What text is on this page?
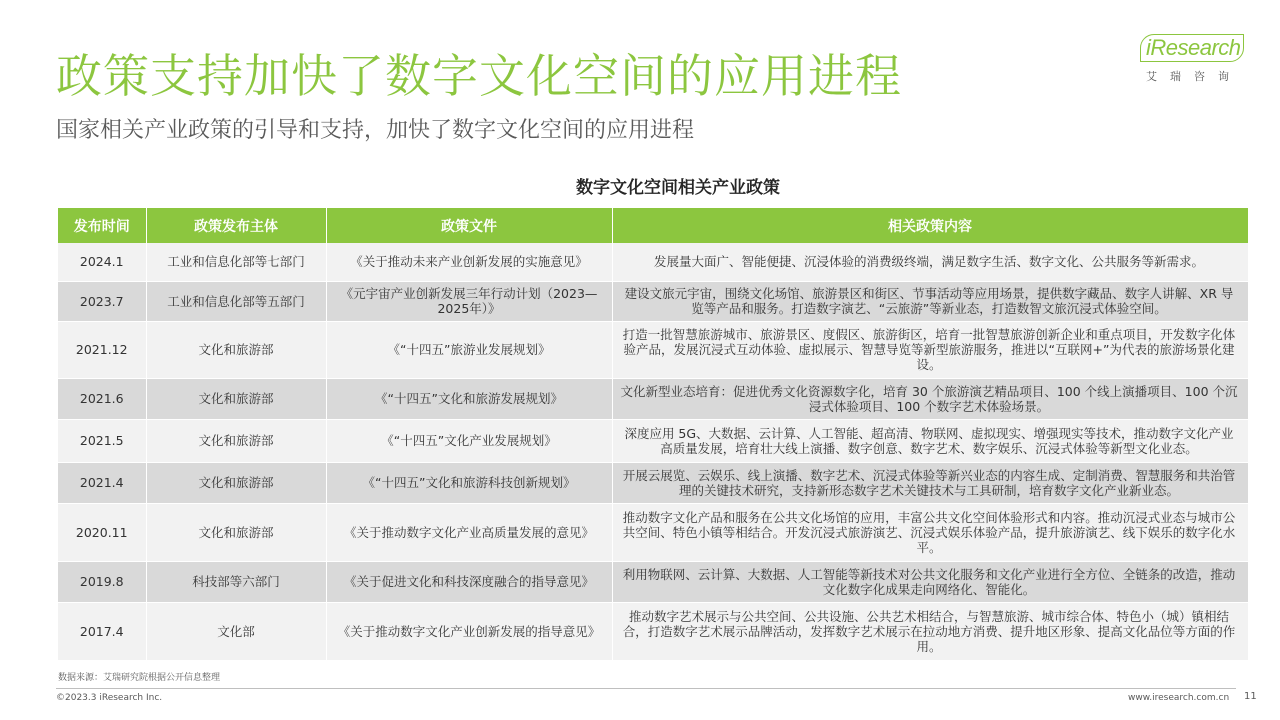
政策支持加快了数字文化空间的应用进程
国家相关产业政策的引导和支持，加快了数字文化空间的应用进程
iResearch
艾瑞咨询
数字文化空间相关产业政策
发布时间	政策发布主体	政策文件	相关政策内容
2024.1	工业和信息化部等七部门	《关于推动未来产业创新发展的实施意见》	发展量大面广、智能便捷、沉浸体验的消费级终端，满足数字生活、数字文化、公共服务等新需求。
2023.7	工业和信息化部等五部门	《元宇宙产业创新发展三年行动计划（2023—2025年）》	建设文旅元宇宙，围绕文化场馆、旅游景区和街区、节事活动等应用场景，提供数字藏品、数字人讲解、XR 导览等产品和服务。打造数字演艺、“云旅游”等新业态，打造数智文旅沉浸式体验空间。
2021.12	文化和旅游部	《“十四五”旅游业发展规划》	打造一批智慧旅游城市、旅游景区、度假区、旅游街区，培育一批智慧旅游创新企业和重点项目，开发数字化体验产品，发展沉浸式互动体验、虚拟展示、智慧导览等新型旅游服务，推进以“互联网+”为代表的旅游场景化建设。
2021.6	文化和旅游部	《“十四五”文化和旅游发展规划》	文化新型业态培育：促进优秀文化资源数字化，培育 30 个旅游演艺精品项目、100 个线上演播项目、100 个沉浸式体验项目、100 个数字艺术体验场景。
2021.5	文化和旅游部	《“十四五”文化产业发展规划》	深度应用 5G、大数据、云计算、人工智能、超高清、物联网、虚拟现实、增强现实等技术，推动数字文化产业高质量发展，培育壮大线上演播、数字创意、数字艺术、数字娱乐、沉浸式体验等新型文化业态。
2021.4	文化和旅游部	《“十四五”文化和旅游科技创新规划》	开展云展览、云娱乐、线上演播、数字艺术、沉浸式体验等新兴业态的内容生成、定制消费、智慧服务和共治管理的关键技术研究，支持新形态数字艺术关键技术与工具研制，培育数字文化产业新业态。
2020.11	文化和旅游部	《关于推动数字文化产业高质量发展的意见》	推动数字文化产品和服务在公共文化场馆的应用，丰富公共文化空间体验形式和内容。推动沉浸式业态与城市公共空间、特色小镇等相结合。开发沉浸式旅游演艺、沉浸式娱乐体验产品，提升旅游演艺、线下娱乐的数字化水平。
2019.8	科技部等六部门	《关于促进文化和科技深度融合的指导意见》	利用物联网、云计算、大数据、人工智能等新技术对公共文化服务和文化产业进行全方位、全链条的改造，推动文化数字化成果走向网络化、智能化。
2017.4	文化部	《关于推动数字文化产业创新发展的指导意见》	推动数字艺术展示与公共空间、公共设施、公共艺术相结合，与智慧旅游、城市综合体、特色小（城）镇相结合，打造数字艺术展示品牌活动，发挥数字艺术展示在拉动地方消费、提升地区形象、提高文化品位等方面的作用。
数据来源：艾瑞研究院根据公开信息整理
©2023.3 iResearch Inc.	www.iresearch.com.cn 11
